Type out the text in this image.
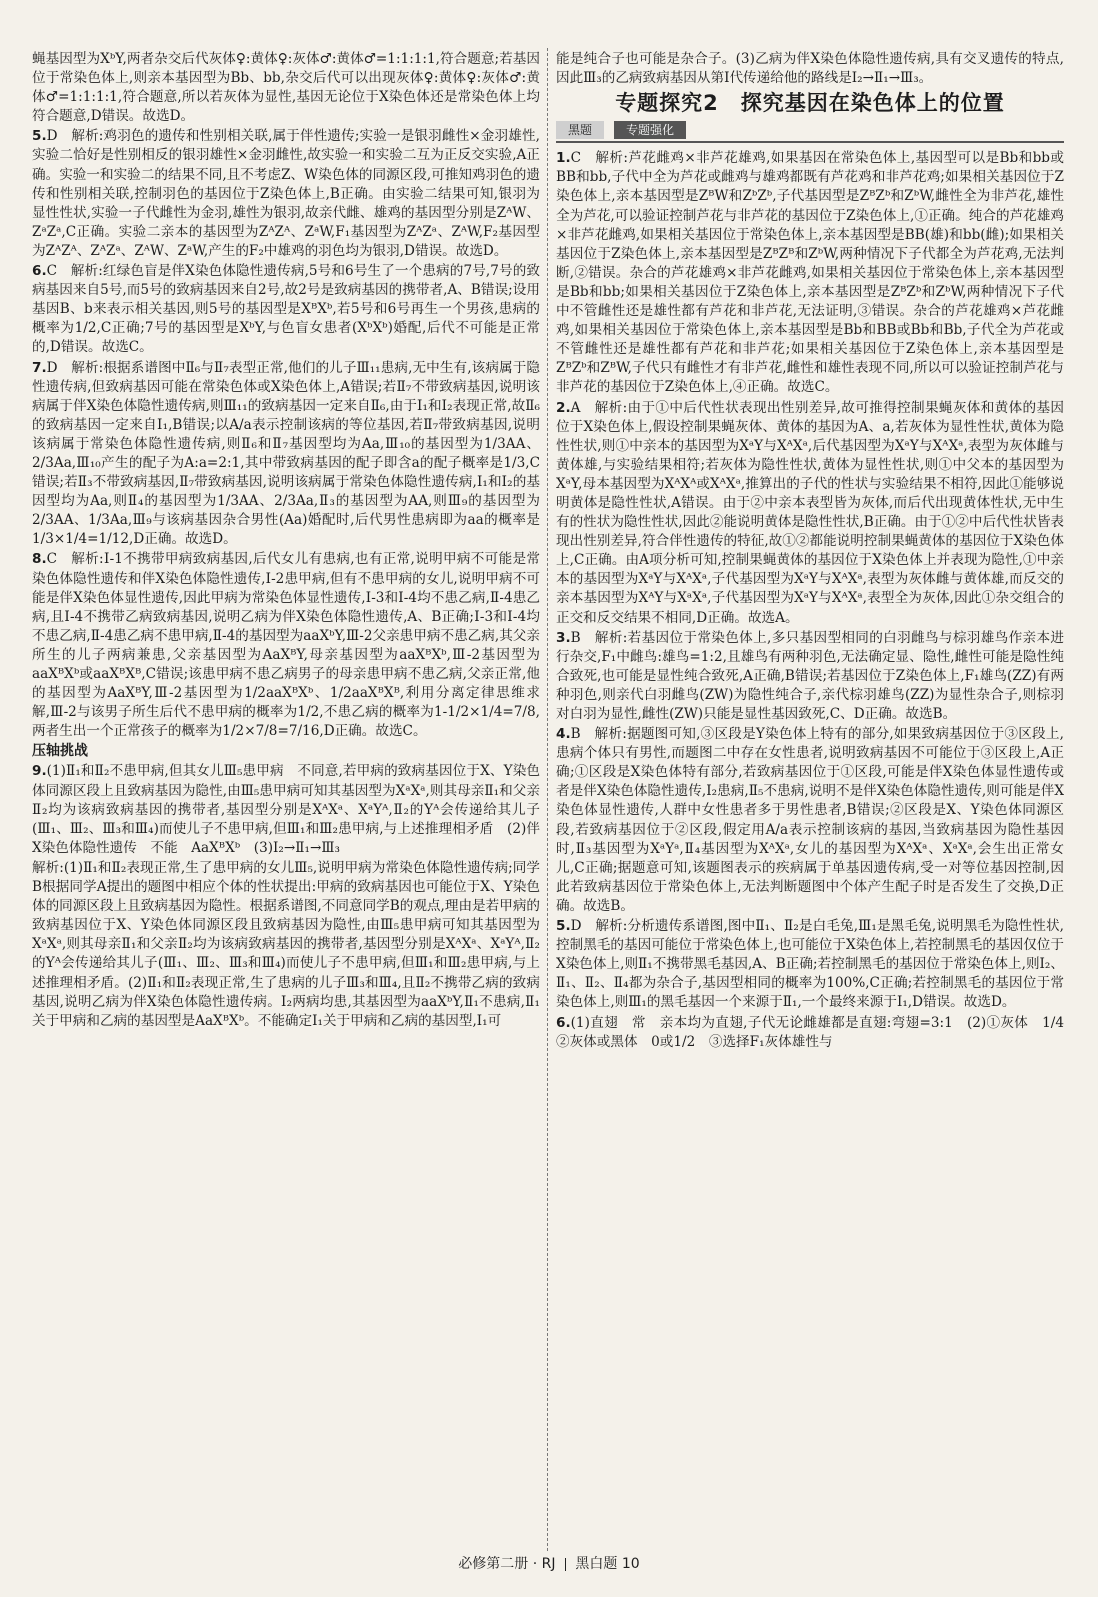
蝇基因型为XᵇY,两者杂交后代灰体♀:黄体♀:灰体♂:黄体♂=1:1:1:1,符合题意;若基因位于常染色体上,则亲本基因型为Bb、bb,杂交后代可以出现灰体♀:黄体♀:灰体♂:黄体♂=1:1:1:1,符合题意,所以若灰体为显性,基因无论位于X染色体还是常染色体上均符合题意,D错误。故选D。

5.D　解析:鸡羽色的遗传和性别相关联,属于伴性遗传;实验一是银羽雌性×金羽雄性,实验二恰好是性别相反的银羽雄性×金羽雌性,故实验一和实验二互为正反交实验,A正确。实验一和实验二的结果不同,且不考虑Z、W染色体的同源区段,可推知鸡羽色的遗传和性别相关联,控制羽色的基因位于Z染色体上,B正确。由实验二结果可知,银羽为显性性状,实验一子代雌性为金羽,雄性为银羽,故亲代雌、雄鸡的基因型分别是ZᴬW、ZᵃZᵃ,C正确。实验二亲本的基因型为ZᴬZᴬ、ZᵃW,F₁基因型为ZᴬZᵃ、ZᴬW,F₂基因型为ZᴬZᴬ、ZᴬZᵃ、ZᴬW、ZᵃW,产生的F₂中雄鸡的羽色均为银羽,D错误。故选D。

6.C　解析:红绿色盲是伴X染色体隐性遗传病,5号和6号生了一个患病的7号,7号的致病基因来自5号,而5号的致病基因来自2号,故2号是致病基因的携带者,A、B错误;设用基因B、b来表示相关基因,则5号的基因型是XᴮXᵇ,若5号和6号再生一个男孩,患病的概率为1/2,C正确;7号的基因型是XᵇY,与色盲女患者(XᵇXᵇ)婚配,后代不可能是正常的,D错误。故选C。

7.D　解析:根据系谱图中Ⅱ₆与Ⅱ₇表型正常,他们的儿子Ⅲ₁₁患病,无中生有,该病属于隐性遗传病,但致病基因可能在常染色体或X染色体上,A错误;若Ⅱ₇不带致病基因,说明该病属于伴X染色体隐性遗传病,则Ⅲ₁₁的致病基因一定来自Ⅱ₆,由于Ⅰ₁和Ⅰ₂表现正常,故Ⅱ₆的致病基因一定来自Ⅰ₁,B错误;以A/a表示控制该病的等位基因,若Ⅱ₇带致病基因,说明该病属于常染色体隐性遗传病,则Ⅱ₆和Ⅱ₇基因型均为Aa,Ⅲ₁₀的基因型为1/3AA、2/3Aa,Ⅲ₁₀产生的配子为A:a=2:1,其中带致病基因的配子即含a的配子概率是1/3,C错误;若Ⅱ₃不带致病基因,Ⅱ₇带致病基因,说明该病属于常染色体隐性遗传病,Ⅰ₁和Ⅰ₂的基因型均为Aa,则Ⅱ₄的基因型为1/3AA、2/3Aa,Ⅱ₃的基因型为AA,则Ⅲ₉的基因型为2/3AA、1/3Aa,Ⅲ₉与该病基因杂合男性(Aa)婚配时,后代男性患病即为aa的概率是1/3×1/4=1/12,D正确。故选D。

8.C　解析:Ⅰ-1不携带甲病致病基因,后代女儿有患病,也有正常,说明甲病不可能是常染色体隐性遗传和伴X染色体隐性遗传,Ⅰ-2患甲病,但有不患甲病的女儿,说明甲病不可能是伴X染色体显性遗传,因此甲病为常染色体显性遗传,Ⅰ-3和Ⅰ-4均不患乙病,Ⅱ-4患乙病,且Ⅰ-4不携带乙病致病基因,说明乙病为伴X染色体隐性遗传,A、B正确;Ⅰ-3和Ⅰ-4均不患乙病,Ⅱ-4患乙病不患甲病,Ⅱ-4的基因型为aaXᵇY,Ⅲ-2父亲患甲病不患乙病,其父亲所生的儿子两病兼患,父亲基因型为AaXᴮY,母亲基因型为aaXᴮXᵇ,Ⅲ-2基因型为aaXᴮXᵇ或aaXᴮXᴮ,C错误;该患甲病不患乙病男子的母亲患甲病不患乙病,父亲正常,他的基因型为AaXᴮY,Ⅲ-2基因型为1/2aaXᴮXᵇ、1/2aaXᴮXᴮ,利用分离定律思维求解,Ⅲ-2与该男子所生后代不患甲病的概率为1/2,不患乙病的概率为1-1/2×1/4=7/8,两者生出一个正常孩子的概率为1/2×7/8=7/16,D正确。故选C。

压轴挑战

9.(1)Ⅱ₁和Ⅱ₂不患甲病,但其女儿Ⅲ₅患甲病　不同意,若甲病的致病基因位于X、Y染色体同源区段上且致病基因为隐性,由Ⅲ₅患甲病可知其基因型为XᵃXᵃ,则其母亲Ⅱ₁和父亲Ⅱ₂均为该病致病基因的携带者,基因型分别是XᴬXᵃ、XᵃYᴬ,Ⅱ₂的Yᴬ会传递给其儿子(Ⅲ₁、Ⅲ₂、Ⅲ₃和Ⅲ₄)而使儿子不患甲病,但Ⅲ₁和Ⅲ₂患甲病,与上述推理相矛盾　(2)伴X染色体隐性遗传　不能　AaXᴮXᵇ　(3)Ⅰ₂→Ⅱ₁→Ⅲ₃

解析:(1)Ⅱ₁和Ⅱ₂表现正常,生了患甲病的女儿Ⅲ₅,说明甲病为常染色体隐性遗传病;同学B根据同学A提出的题图中相应个体的性状提出:甲病的致病基因也可能位于X、Y染色体的同源区段上且致病基因为隐性。根据系谱图,不同意同学B的观点,理由是若甲病的致病基因位于X、Y染色体同源区段且致病基因为隐性,由Ⅲ₅患甲病可知其基因型为XᵃXᵃ,则其母亲Ⅱ₁和父亲Ⅱ₂均为该病致病基因的携带者,基因型分别是XᴬXᵃ、XᵃYᴬ,Ⅱ₂的Yᴬ会传递给其儿子(Ⅲ₁、Ⅲ₂、Ⅲ₃和Ⅲ₄)而使儿子不患甲病,但Ⅲ₁和Ⅲ₂患甲病,与上述推理相矛盾。(2)Ⅱ₁和Ⅱ₂表现正常,生了患病的儿子Ⅲ₃和Ⅲ₄,且Ⅱ₂不携带乙病的致病基因,说明乙病为伴X染色体隐性遗传病。Ⅰ₂两病均患,其基因型为aaXᵇY,Ⅱ₁不患病,Ⅱ₁关于甲病和乙病的基因型是AaXᴮXᵇ。不能确定Ⅰ₁关于甲病和乙病的基因型,Ⅰ₁可

能是纯合子也可能是杂合子。(3)乙病为伴X染色体隐性遗传病,具有交叉遗传的特点,因此Ⅲ₃的乙病致病基因从第Ⅰ代传递给他的路线是Ⅰ₂→Ⅱ₁→Ⅲ₃。

专题探究2　探究基因在染色体上的位置
黑题	专题强化

1.C　解析:芦花雌鸡×非芦花雄鸡,如果基因在常染色体上,基因型可以是Bb和bb或BB和bb,子代中全为芦花或雌鸡与雄鸡都既有芦花鸡和非芦花鸡;如果相关基因位于Z染色体上,亲本基因型是ZᴮW和ZᵇZᵇ,子代基因型是ZᴮZᵇ和ZᵇW,雌性全为非芦花,雄性全为芦花,可以验证控制芦花与非芦花的基因位于Z染色体上,①正确。纯合的芦花雄鸡×非芦花雌鸡,如果相关基因位于常染色体上,亲本基因型是BB(雄)和bb(雌);如果相关基因位于Z染色体上,亲本基因型是ZᴮZᴮ和ZᵇW,两种情况下子代都全为芦花鸡,无法判断,②错误。杂合的芦花雄鸡×非芦花雌鸡,如果相关基因位于常染色体上,亲本基因型是Bb和bb;如果相关基因位于Z染色体上,亲本基因型是ZᴮZᵇ和ZᵇW,两种情况下子代中不管雌性还是雄性都有芦花和非芦花,无法证明,③错误。杂合的芦花雄鸡×芦花雌鸡,如果相关基因位于常染色体上,亲本基因型是Bb和BB或Bb和Bb,子代全为芦花或不管雌性还是雄性都有芦花和非芦花;如果相关基因位于Z染色体上,亲本基因型是ZᴮZᵇ和ZᴮW,子代只有雌性才有非芦花,雌性和雄性表现不同,所以可以验证控制芦花与非芦花的基因位于Z染色体上,④正确。故选C。

2.A　解析:由于①中后代性状表现出性别差异,故可推得控制果蝇灰体和黄体的基因位于X染色体上,假设控制果蝇灰体、黄体的基因为A、a,若灰体为显性性状,黄体为隐性性状,则①中亲本的基因型为XᵃY与XᴬXᵃ,后代基因型为XᵃY与XᴬXᵃ,表型为灰体雌与黄体雄,与实验结果相符;若灰体为隐性性状,黄体为显性性状,则①中父本的基因型为XᵃY,母本基因型为XᴬXᴬ或XᴬXᵃ,推算出的子代的性状与实验结果不相符,因此①能够说明黄体是隐性性状,A错误。由于②中亲本表型皆为灰体,而后代出现黄体性状,无中生有的性状为隐性性状,因此②能说明黄体是隐性性状,B正确。由于①②中后代性状皆表现出性别差异,符合伴性遗传的特征,故①②都能说明控制果蝇黄体的基因位于X染色体上,C正确。由A项分析可知,控制果蝇黄体的基因位于X染色体上并表现为隐性,①中亲本的基因型为XᵃY与XᴬXᵃ,子代基因型为XᵃY与XᴬXᵃ,表型为灰体雌与黄体雄,而反交的亲本基因型为XᴬY与XᵃXᵃ,子代基因型为XᵃY与XᴬXᵃ,表型全为灰体,因此①杂交组合的正交和反交结果不相同,D正确。故选A。

3.B　解析:若基因位于常染色体上,多只基因型相同的白羽雌鸟与棕羽雄鸟作亲本进行杂交,F₁中雌鸟:雄鸟=1:2,且雄鸟有两种羽色,无法确定显、隐性,雌性可能是隐性纯合致死,也可能是显性纯合致死,A正确,B错误;若基因位于Z染色体上,F₁雄鸟(ZZ)有两种羽色,则亲代白羽雌鸟(ZW)为隐性纯合子,亲代棕羽雄鸟(ZZ)为显性杂合子,则棕羽对白羽为显性,雌性(ZW)只能是显性基因致死,C、D正确。故选B。

4.B　解析:据题图可知,③区段是Y染色体上特有的部分,如果致病基因位于③区段上,患病个体只有男性,而题图二中存在女性患者,说明致病基因不可能位于③区段上,A正确;①区段是X染色体特有部分,若致病基因位于①区段,可能是伴X染色体显性遗传或者是伴X染色体隐性遗传,Ⅰ₂患病,Ⅱ₅不患病,说明不是伴X染色体隐性遗传,则可能是伴X染色体显性遗传,人群中女性患者多于男性患者,B错误;②区段是X、Y染色体同源区段,若致病基因位于②区段,假定用A/a表示控制该病的基因,当致病基因为隐性基因时,Ⅱ₃基因型为XᵃYᵃ,Ⅱ₄基因型为XᴬXᵃ,女儿的基因型为XᴬXᵃ、XᵃXᵃ,会生出正常女儿,C正确;据题意可知,该题图表示的疾病属于单基因遗传病,受一对等位基因控制,因此若致病基因位于常染色体上,无法判断题图中个体产生配子时是否发生了交换,D正确。故选B。

5.D　解析:分析遗传系谱图,图中Ⅱ₁、Ⅱ₂是白毛兔,Ⅲ₁是黑毛兔,说明黑毛为隐性性状,控制黑毛的基因可能位于常染色体上,也可能位于X染色体上,若控制黑毛的基因仅位于X染色体上,则Ⅱ₁不携带黑毛基因,A、B正确;若控制黑毛的基因位于常染色体上,则Ⅰ₂、Ⅱ₁、Ⅱ₂、Ⅱ₄都为杂合子,基因型相同的概率为100%,C正确;若控制黑毛的基因位于常染色体上,则Ⅲ₁的黑毛基因一个来源于Ⅱ₁,一个最终来源于Ⅰ₁,D错误。故选D。

6.(1)直翅　常　亲本均为直翅,子代无论雌雄都是直翅:弯翅=3:1　(2)①灰体　1/4　②灰体或黑体　0或1/2　③选择F₁灰体雄性与

必修第二册 · RJ 黑白题 10
